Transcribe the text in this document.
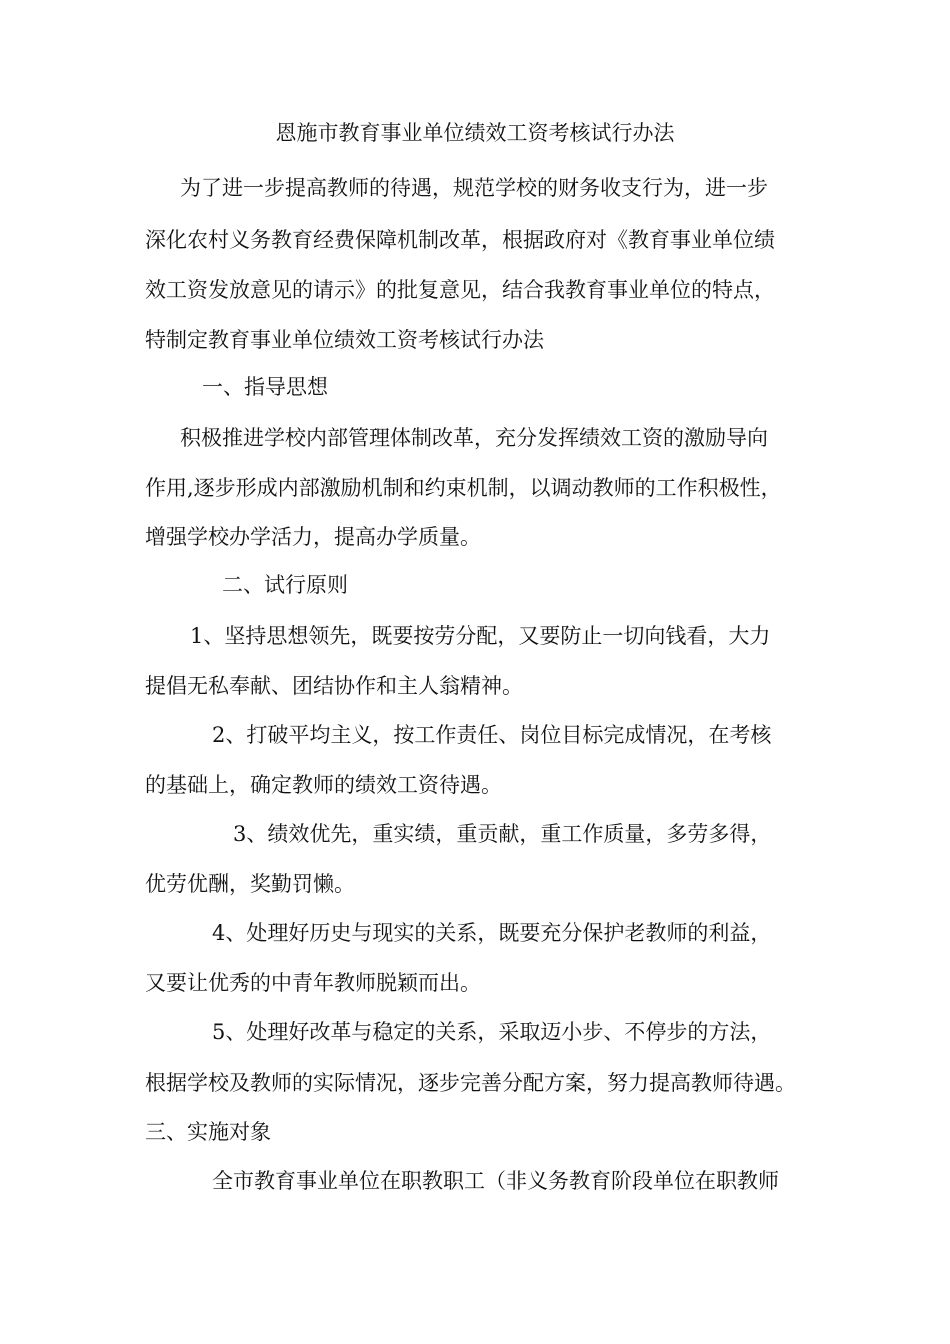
恩施市教育事业单位绩效工资考核试行办法
为了进一步提高教师的待遇，规范学校的财务收支行为，进一步
深化农村义务教育经费保障机制改革，根据政府对《教育事业单位绩
效工资发放意见的请示》的批复意见，结合我教育事业单位的特点，
特制定教育事业单位绩效工资考核试行办法
一、指导思想
积极推进学校内部管理体制改革，充分发挥绩效工资的激励导向
作用,逐步形成内部激励机制和约束机制，以调动教师的工作积极性，
增强学校办学活力，提高办学质量。
二、试行原则
1、坚持思想领先，既要按劳分配，又要防止一切向钱看，大力
提倡无私奉献、团结协作和主人翁精神。
2、打破平均主义，按工作责任、岗位目标完成情况，在考核
的基础上，确定教师的绩效工资待遇。
3、绩效优先，重实绩，重贡献，重工作质量，多劳多得，
优劳优酬，奖勤罚懒。
4、处理好历史与现实的关系，既要充分保护老教师的利益，
又要让优秀的中青年教师脱颖而出。
5、处理好改革与稳定的关系，采取迈小步、不停步的方法，
根据学校及教师的实际情况，逐步完善分配方案，努力提高教师待遇。
三、实施对象
全市教育事业单位在职教职工（非义务教育阶段单位在职教师
